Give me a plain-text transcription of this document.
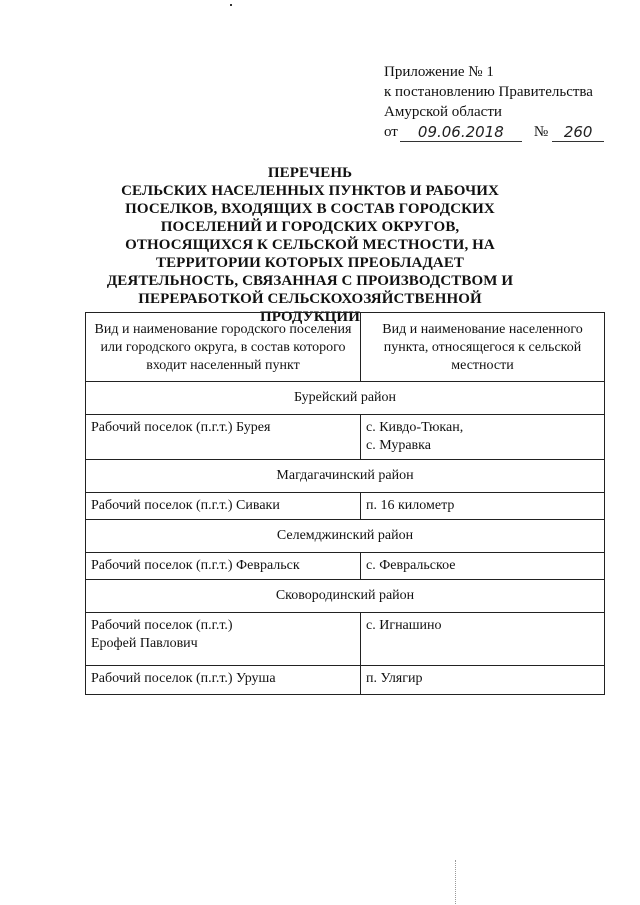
Приложение № 1
к постановлению Правительства
Амурской области
от	09.06.2018	№	260
ПЕРЕЧЕНЬ
СЕЛЬСКИХ НАСЕЛЕННЫХ ПУНКТОВ И РАБОЧИХ ПОСЕЛКОВ, ВХОДЯЩИХ В СОСТАВ ГОРОДСКИХ ПОСЕЛЕНИЙ И ГОРОДСКИХ ОКРУГОВ, ОТНОСЯЩИХСЯ К СЕЛЬСКОЙ МЕСТНОСТИ, НА ТЕРРИТОРИИ КОТОРЫХ ПРЕОБЛАДАЕТ ДЕЯТЕЛЬНОСТЬ, СВЯЗАННАЯ С ПРОИЗВОДСТВОМ И ПЕРЕРАБОТКОЙ СЕЛЬСКОХОЗЯЙСТВЕННОЙ ПРОДУКЦИИ
Вид и наименование городского поселения или городского округа, в состав которого входит населенный пункт	Вид и наименование населенного пункта, относящегося к сельской местности
Бурейский район	
Рабочий поселок (п.г.т.) Бурея	с. Кивдо-Тюкан,
с. Муравка

Магдагачинский район	
Рабочий поселок (п.г.т.) Сиваки	п. 16 километр
Селемджинский район	
Рабочий поселок (п.г.т.) Февральск	с. Февральское
Сковородинский район	

Рабочий поселок (п.г.т.)
Ерофей Павлович	с. Игнашино
Рабочий поселок (п.г.т.) Уруша	п. Улягир
